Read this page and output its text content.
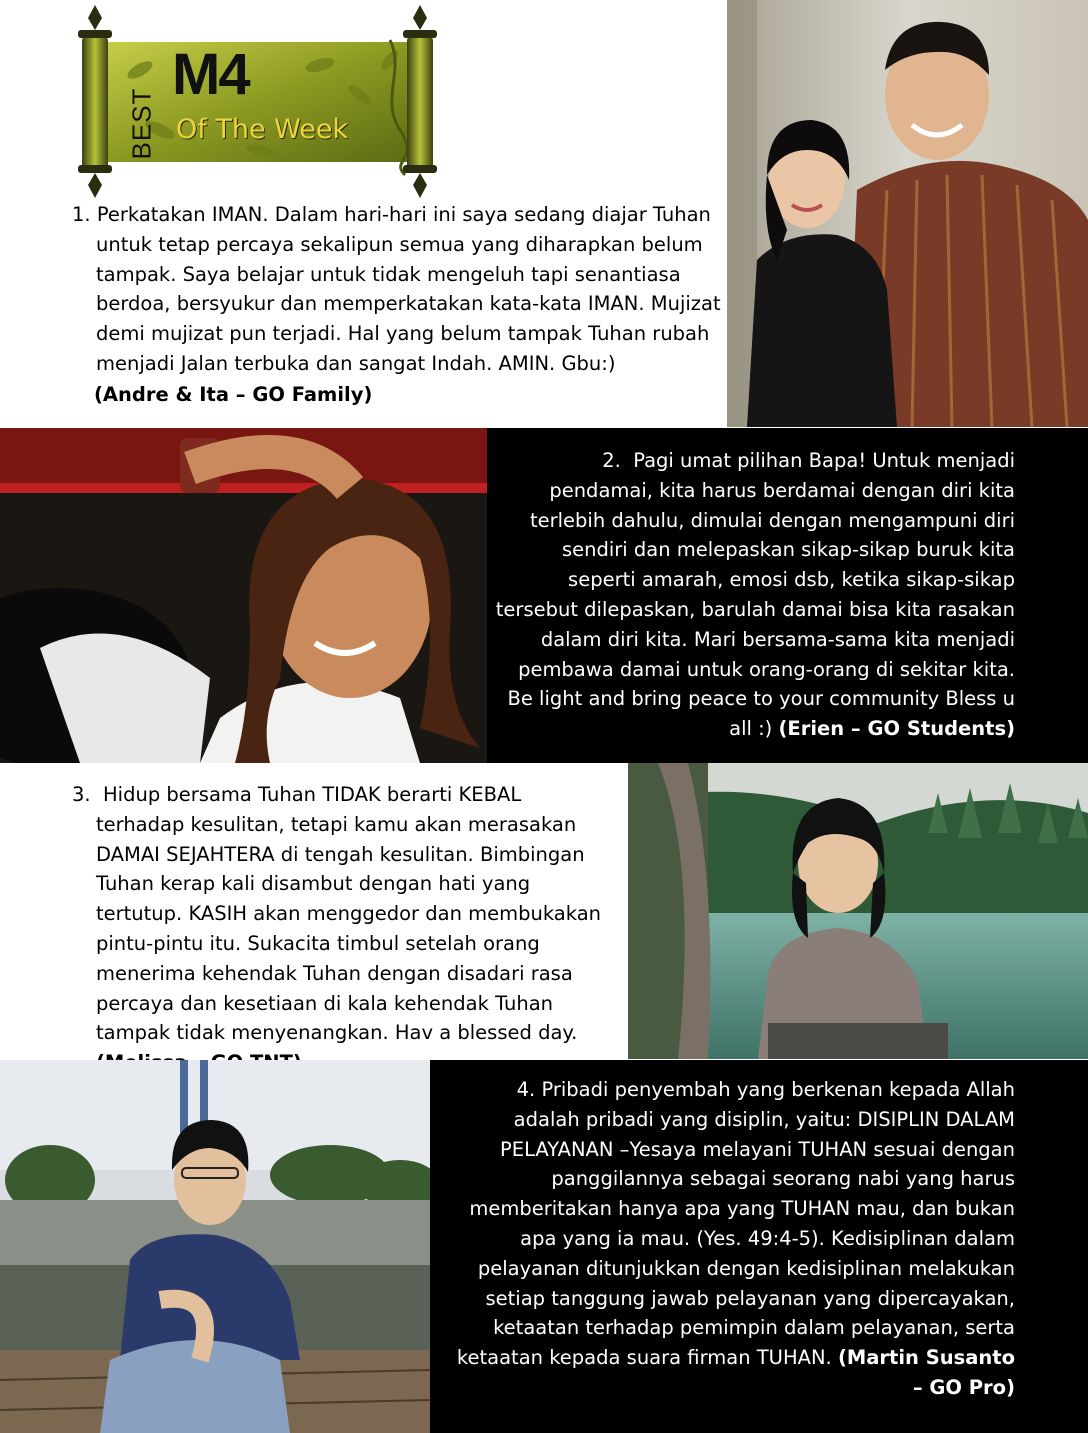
BEST
M4
Of The Week
1. Perkatakan IMAN. Dalam hari-hari ini saya sedang diajar Tuhan untuk tetap percaya sekalipun semua yang diharapkan belum tampak. Saya belajar untuk tidak mengeluh tapi senantiasa berdoa, bersyukur dan memperkatakan kata-kata IMAN. Mujizat demi mujizat pun terjadi. Hal yang belum tampak Tuhan rubah menjadi Jalan terbuka dan sangat Indah. AMIN. Gbu:)
(Andre & Ita – GO Family)
2. Pagi umat pilihan Bapa! Untuk menjadi pendamai, kita harus berdamai dengan diri kita terlebih dahulu, dimulai dengan mengampuni diri sendiri dan melepaskan sikap-sikap buruk kita seperti amarah, emosi dsb, ketika sikap-sikap tersebut dilepaskan, barulah damai bisa kita rasakan dalam diri kita. Mari bersama-sama kita menjadi pembawa damai untuk orang-orang di sekitar kita. Be light and bring peace to your community Bless u all :) (Erien – GO Students)
3. Hidup bersama Tuhan TIDAK berarti KEBAL terhadap kesulitan, tetapi kamu akan merasakan DAMAI SEJAHTERA di tengah kesulitan. Bimbingan Tuhan kerap kali disambut dengan hati yang tertutup. KASIH akan menggedor dan membukakan pintu-pintu itu. Sukacita timbul setelah orang menerima kehendak Tuhan dengan disadari rasa percaya dan kesetiaan di kala kehendak Tuhan tampak tidak menyenangkan. Hav a blessed day.
4. Pribadi penyembah yang berkenan kepada Allah adalah pribadi yang disiplin, yaitu: DISIPLIN DALAM PELAYANAN –Yesaya melayani TUHAN sesuai dengan panggilannya sebagai seorang nabi yang harus memberitakan hanya apa yang TUHAN mau, dan bukan apa yang ia mau. (Yes. 49:4-5). Kedisiplinan dalam pelayanan ditunjukkan dengan kedisiplinan melakukan setiap tanggung jawab pelayanan yang dipercayakan, ketaatan terhadap pemimpin dalam pelayanan, serta ketaatan kepada suara firman TUHAN. (Martin Susanto – GO Pro)
